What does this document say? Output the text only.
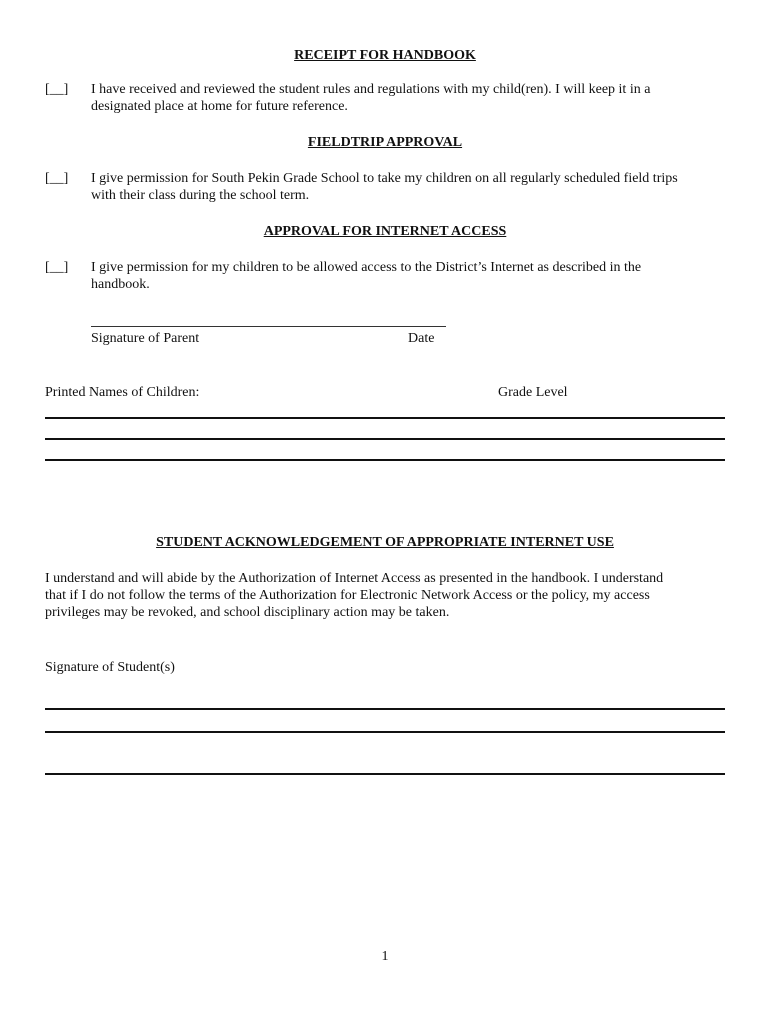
RECEIPT FOR HANDBOOK
[__]	I have received and reviewed the student rules and regulations with my child(ren). I will keep it in a
designated place at home for future reference.
FIELDTRIP APPROVAL
[__]	I give permission for South Pekin Grade School to take my children on all regularly scheduled field trips
with their class during the school term.
APPROVAL FOR INTERNET ACCESS
[__]	I give permission for my children to be allowed access to the District’s Internet as described in the
handbook.
Signature of Parent	Date
Printed Names of Children:	Grade Level
STUDENT ACKNOWLEDGEMENT OF APPROPRIATE INTERNET USE
I understand and will abide by the Authorization of Internet Access as presented in the handbook. I understand
that if I do not follow the terms of the Authorization for Electronic Network Access or the policy, my access
privileges may be revoked, and school disciplinary action may be taken.
Signature of Student(s)
1
